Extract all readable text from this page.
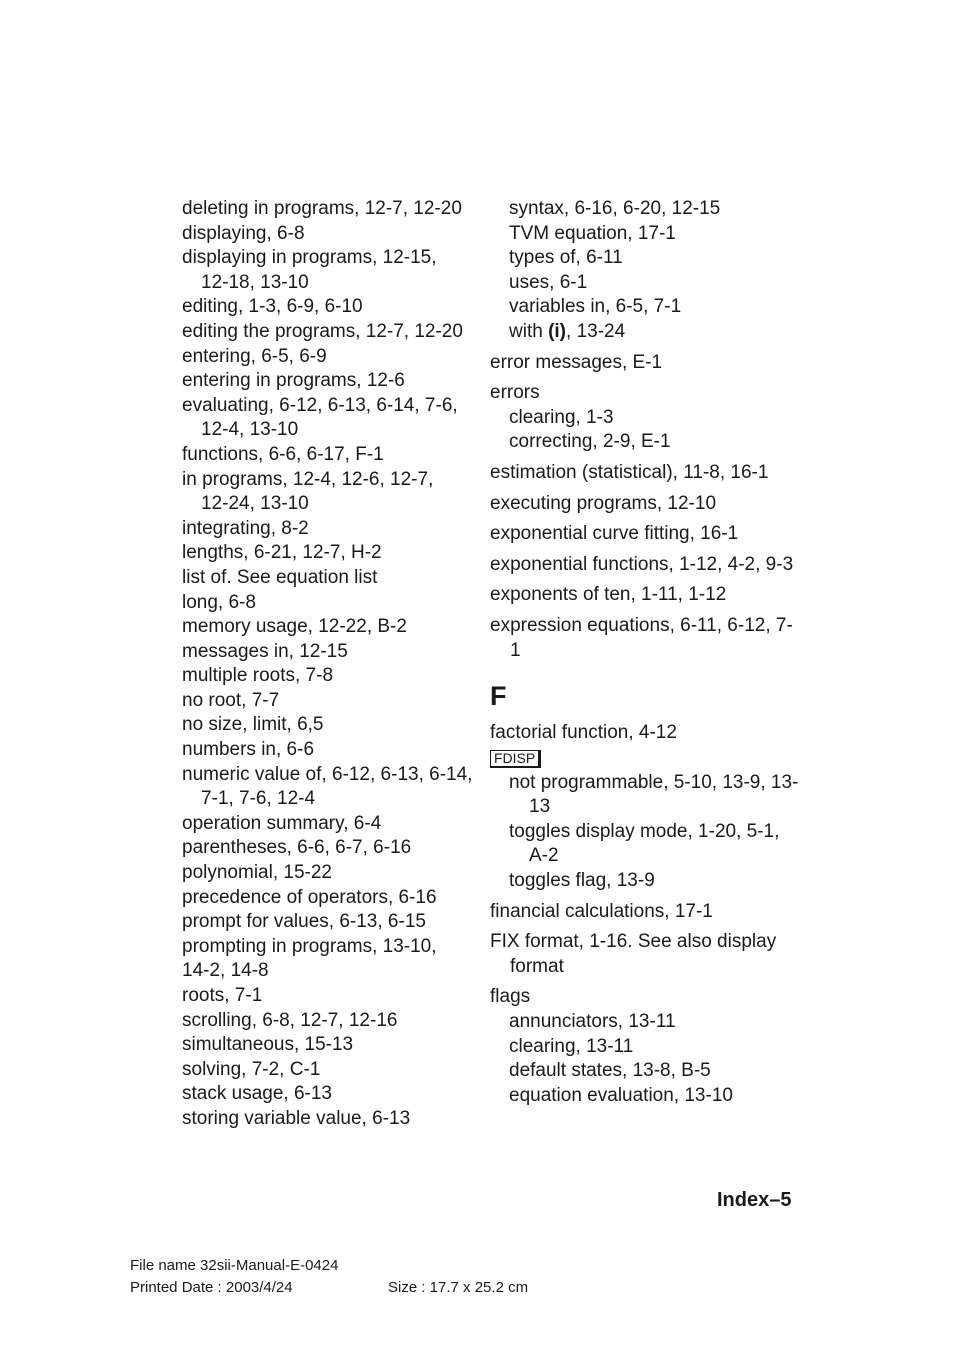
deleting in programs, 12-7, 12-20
displaying, 6-8
displaying in programs, 12-15,
12-18, 13-10
editing, 1-3, 6-9, 6-10
editing the programs, 12-7, 12-20
entering, 6-5, 6-9
entering in programs, 12-6
evaluating, 6-12, 6-13, 6-14, 7-6,
12-4, 13-10
functions, 6-6, 6-17, F-1
in programs, 12-4, 12-6, 12-7,
12-24, 13-10
integrating, 8-2
lengths, 6-21, 12-7, H-2
list of. See equation list
long, 6-8
memory usage, 12-22, B-2
messages in, 12-15
multiple roots, 7-8
no root, 7-7
no size, limit, 6,5
numbers in, 6-6
numeric value of, 6-12, 6-13, 6-14,
7-1, 7-6, 12-4
operation summary, 6-4
parentheses, 6-6, 6-7, 6-16
polynomial, 15-22
precedence of operators, 6-16
prompt for values, 6-13, 6-15
prompting in programs, 13-10,
14-2, 14-8
roots, 7-1
scrolling, 6-8, 12-7, 12-16
simultaneous, 15-13
solving, 7-2, C-1
stack usage, 6-13
storing variable value, 6-13
syntax, 6-16, 6-20, 12-15
TVM equation, 17-1
types of, 6-11
uses, 6-1
variables in, 6-5, 7-1
with (i), 13-24
error messages, E-1
errors
clearing, 1-3
correcting, 2-9, E-1
estimation (statistical), 11-8, 16-1
executing programs, 12-10
exponential curve fitting, 16-1
exponential functions, 1-12, 4-2, 9-3
exponents of ten, 1-11, 1-12
expression equations, 6-11, 6-12, 7-1
F
factorial function, 4-12
FDISP
not programmable, 5-10, 13-9, 13-13
toggles display mode, 1-20, 5-1, A-2
toggles flag, 13-9
financial calculations, 17-1
FIX format, 1-16. See also display format
flags
annunciators, 13-11
clearing, 13-11
default states, 13-8, B-5
equation evaluation, 13-10
Index–5
File name 32sii-Manual-E-0424
Printed Date : 2003/4/24	Size : 17.7 x 25.2 cm
